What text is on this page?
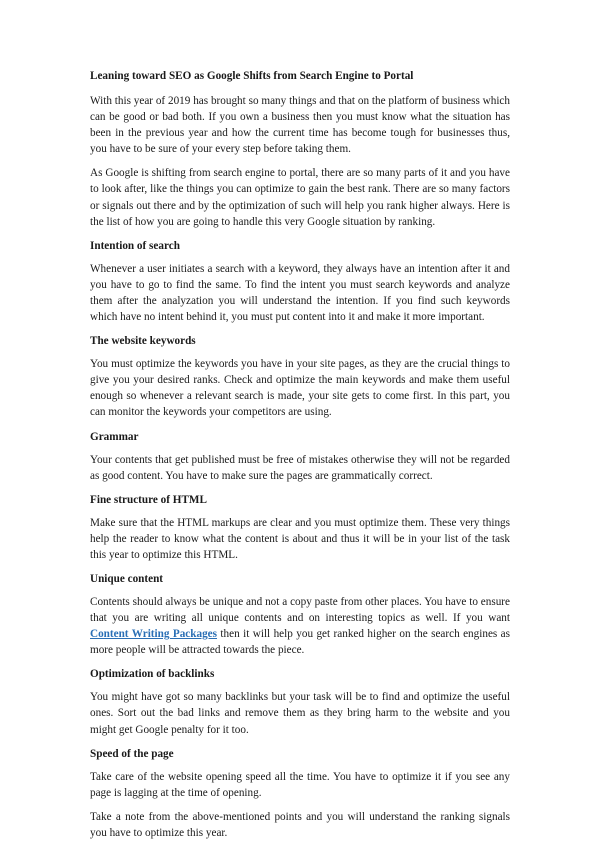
Leaning toward SEO as Google Shifts from Search Engine to Portal

With this year of 2019 has brought so many things and that on the platform of business which can be good or bad both. If you own a business then you must know what the situation has been in the previous year and how the current time has become tough for businesses thus, you have to be sure of your every step before taking them.

As Google is shifting from search engine to portal, there are so many parts of it and you have to look after, like the things you can optimize to gain the best rank. There are so many factors or signals out there and by the optimization of such will help you rank higher always. Here is the list of how you are going to handle this very Google situation by ranking.

Intention of search

Whenever a user initiates a search with a keyword, they always have an intention after it and you have to go to find the same. To find the intent you must search keywords and analyze them after the analyzation you will understand the intention. If you find such keywords which have no intent behind it, you must put content into it and make it more important.

The website keywords

You must optimize the keywords you have in your site pages, as they are the crucial things to give you your desired ranks. Check and optimize the main keywords and make them useful enough so whenever a relevant search is made, your site gets to come first. In this part, you can monitor the keywords your competitors are using.

Grammar

Your contents that get published must be free of mistakes otherwise they will not be regarded as good content. You have to make sure the pages are grammatically correct.

Fine structure of HTML

Make sure that the HTML markups are clear and you must optimize them. These very things help the reader to know what the content is about and thus it will be in your list of the task this year to optimize this HTML.

Unique content

Contents should always be unique and not a copy paste from other places. You have to ensure that you are writing all unique contents and on interesting topics as well. If you want Content Writing Packages then it will help you get ranked higher on the search engines as more people will be attracted towards the piece.

Optimization of backlinks

You might have got so many backlinks but your task will be to find and optimize the useful ones. Sort out the bad links and remove them as they bring harm to the website and you might get Google penalty for it too.

Speed of the page

Take care of the website opening speed all the time. You have to optimize it if you see any page is lagging at the time of opening.

Take a note from the above-mentioned points and you will understand the ranking signals you have to optimize this year.
